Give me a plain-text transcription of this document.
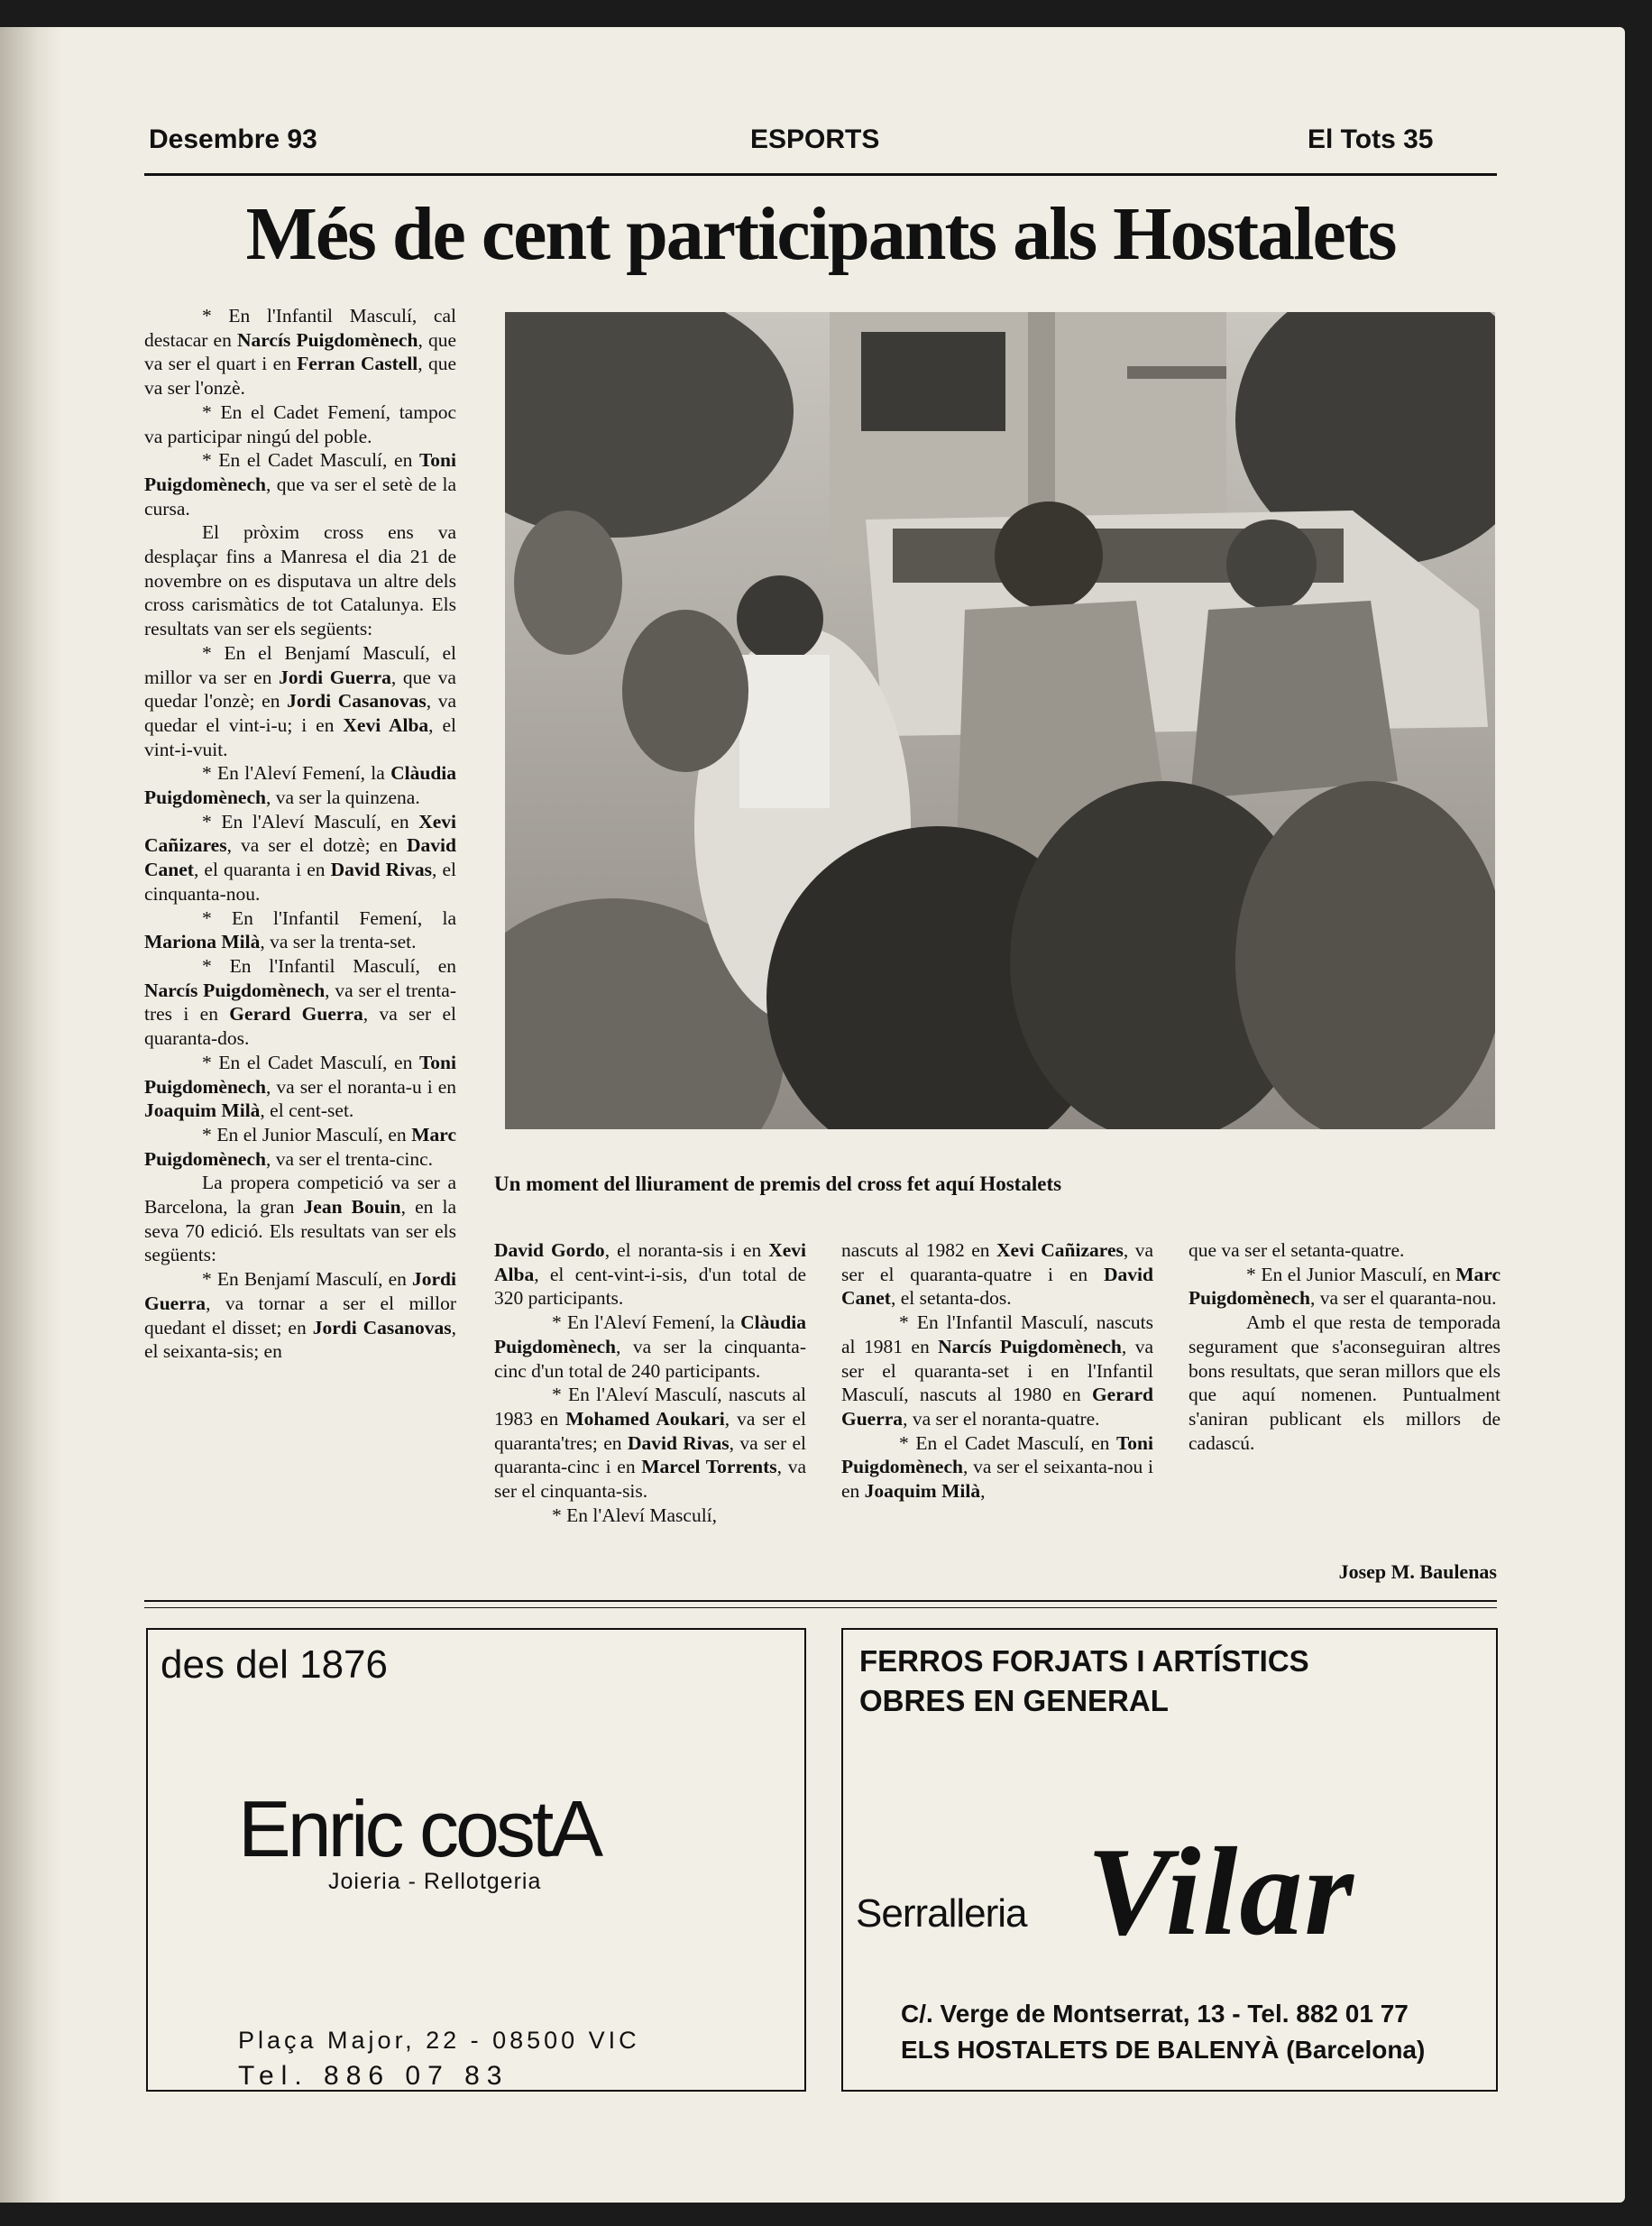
Desembre 93	ESPORTS	El Tots 35
Més de cent participants als Hostalets

* En l'Infantil Masculí, cal destacar en Narcís Puigdomènech, que va ser el quart i en Ferran Castell, que va ser l'onzè.

* En el Cadet Femení, tampoc va participar ningú del poble.

* En el Cadet Masculí, en Toni Puigdomènech, que va ser el setè de la cursa.

El pròxim cross ens va desplaçar fins a Manresa el dia 21 de novembre on es disputava un altre dels cross carismàtics de tot Catalunya. Els resultats van ser els següents:

* En el Benjamí Masculí, el millor va ser en Jordi Guerra, que va quedar l'onzè; en Jordi Casanovas, va quedar el vint-i-u; i en Xevi Alba, el vint-i-vuit.

* En l'Aleví Femení, la Clàudia Puigdomènech, va ser la quinzena.

* En l'Aleví Masculí, en Xevi Cañizares, va ser el dotzè; en David Canet, el quaranta i en David Rivas, el cinquanta-nou.

* En l'Infantil Femení, la Mariona Milà, va ser la trenta-set.

* En l'Infantil Masculí, en Narcís Puigdomènech, va ser el trenta-tres i en Gerard Guerra, va ser el quaranta-dos.

* En el Cadet Masculí, en Toni Puigdomènech, va ser el noranta-u i en Joaquim Milà, el cent-set.

* En el Junior Masculí, en Marc Puigdomènech, va ser el trenta-cinc.

La propera competició va ser a Barcelona, la gran Jean Bouin, en la seva 70 edició. Els resultats van ser els següents:

* En Benjamí Masculí, en Jordi Guerra, va tornar a ser el millor quedant el disset; en Jordi Casanovas, el seixanta-sis; en

Un moment del lliurament de premis del cross fet aquí Hostalets

David Gordo, el noranta-sis i en Xevi Alba, el cent-vint-i-sis, d'un total de 320 participants.

* En l'Aleví Femení, la Clàudia Puigdomènech, va ser la cinquanta-cinc d'un total de 240 participants.

* En l'Aleví Masculí, nascuts al 1983 en Mohamed Aoukari, va ser el quaranta'tres; en David Rivas, va ser el quaranta-cinc i en Marcel Torrents, va ser el cinquanta-sis.

* En l'Aleví Masculí,

nascuts al 1982 en Xevi Cañizares, va ser el quaranta-quatre i en David Canet, el setanta-dos.

* En l'Infantil Masculí, nascuts al 1981 en Narcís Puigdomènech, va ser el quaranta-set i en l'Infantil Masculí, nascuts al 1980 en Gerard Guerra, va ser el noranta-quatre.

* En el Cadet Masculí, en Toni Puigdomènech, va ser el seixanta-nou i en Joaquim Milà,

que va ser el setanta-quatre.

* En el Junior Masculí, en Marc Puigdomènech, va ser el quaranta-nou.

Amb el que resta de temporada segurament que s'aconseguiran altres bons resultats, que seran millors que els que aquí nomenen. Puntualment s'aniran publicant els millors de cadascú.

Josep M. Baulenas
des del 1876
Enric costA
Joieria - Rellotgeria
Plaça Major, 22 - 08500 VIC
Tel. 886 07 83
FERROS FORJATS I ARTÍSTICS
OBRES EN GENERAL
Serralleria Vilar
C/. Verge de Montserrat, 13 - Tel. 882 01 77
ELS HOSTALETS DE BALENYÀ (Barcelona)
